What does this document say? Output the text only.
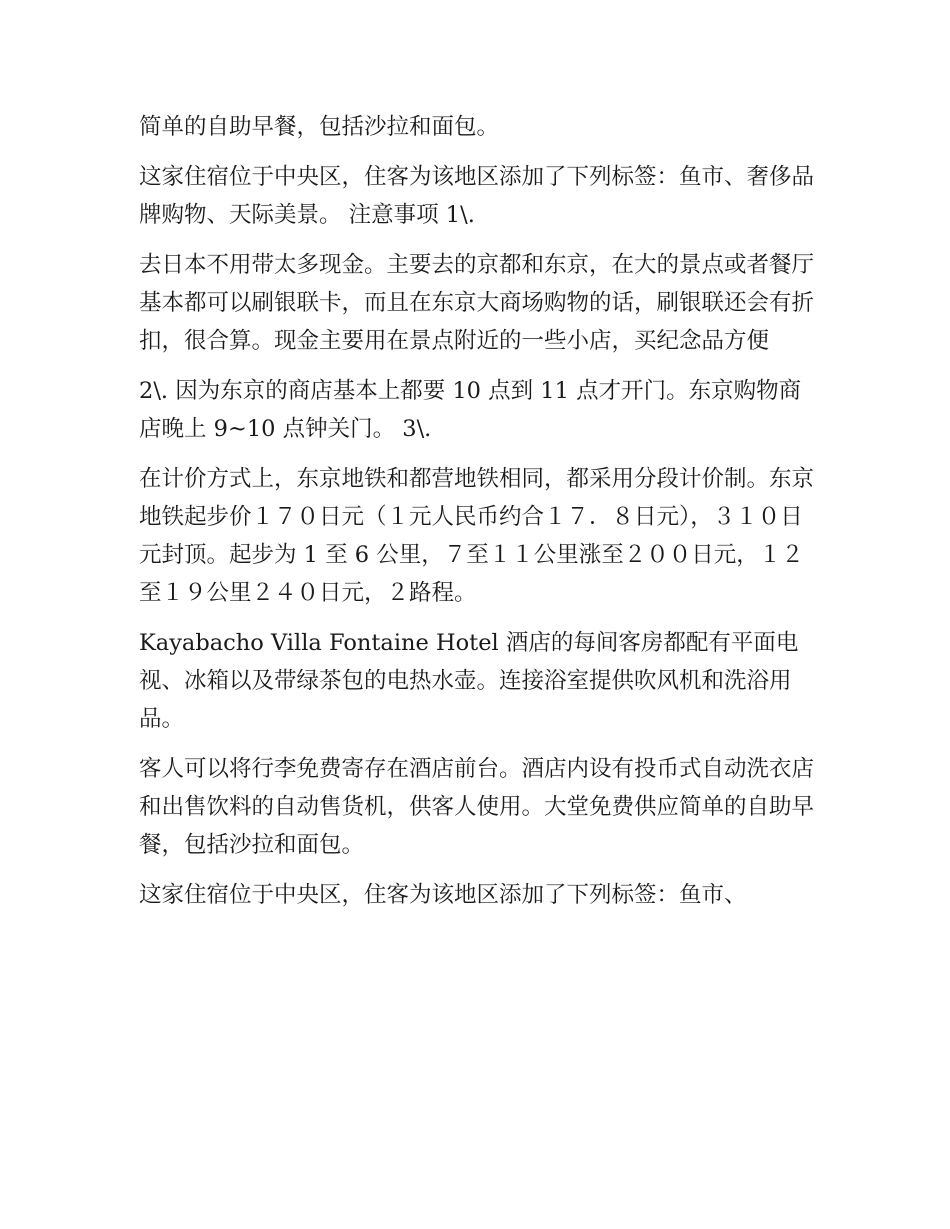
简单的自助早餐，包括沙拉和面包。

这家住宿位于中央区，住客为该地区添加了下列标签：鱼市、奢侈品牌购物、天际美景。 注意事项 1\.

去日本不用带太多现金。主要去的京都和东京，在大的景点或者餐厅基本都可以刷银联卡，而且在东京大商场购物的话，刷银联还会有折扣，很合算。现金主要用在景点附近的一些小店，买纪念品方便

2\. 因为东京的商店基本上都要 10 点到 11 点才开门。东京购物商店晚上 9~10 点钟关门。 3\.

在计价方式上，东京地铁和都营地铁相同，都采用分段计价制。东京地铁起步价１７０日元（１元人民币约合１７．８日元），３１０日元封顶。起步为 1 至 6 公里，７至１１公里涨至２００日元，１２至１９公里２４０日元，２路程。

Kayabacho Villa Fontaine Hotel 酒店的每间客房都配有平面电视、冰箱以及带绿茶包的电热水壶。连接浴室提供吹风机和洗浴用品。

客人可以将行李免费寄存在酒店前台。酒店内设有投币式自动洗衣店和出售饮料的自动售货机，供客人使用。大堂免费供应简单的自助早餐，包括沙拉和面包。

这家住宿位于中央区，住客为该地区添加了下列标签：鱼市、
